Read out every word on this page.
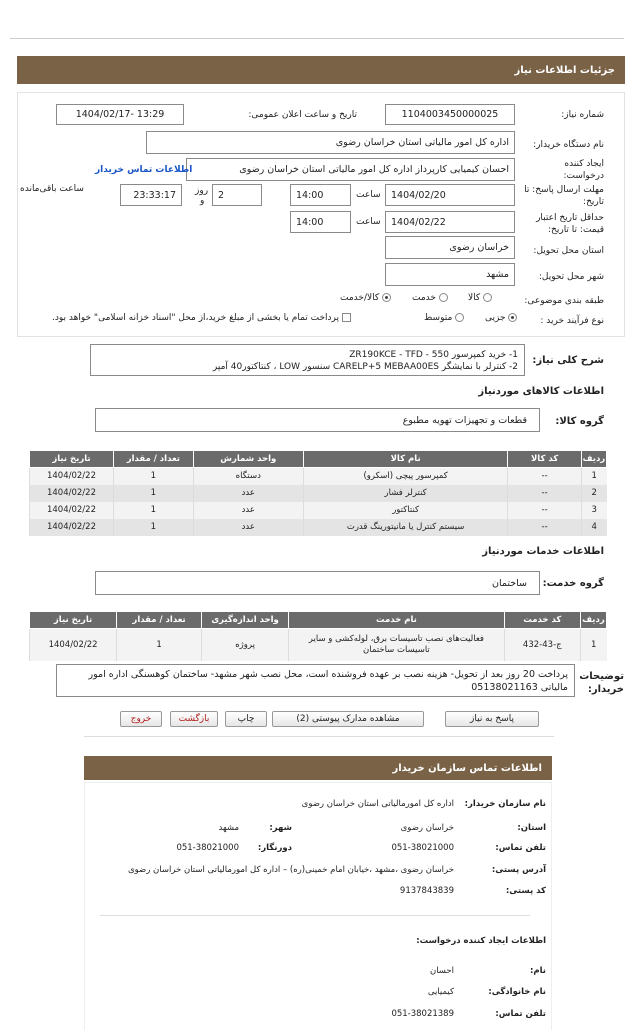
جزئیات اطلاعات نیاز
شماره نیاز:
1104003450000025
تاریخ و ساعت اعلان عمومی:
1404/02/17- 13:29
نام دستگاه خریدار:
اداره کل امور مالیاتی استان خراسان رضوی
ایجاد کننده درخواست:
احسان کیمیایی کارپرداز اداره کل امور مالیاتی استان خراسان رضوی
اطلاعات تماس خریدار
مهلت ارسال پاسخ: تا تاریخ:
1404/02/20
ساعت
14:00
2
روز
و
23:33:17
ساعت باقی‌مانده
حداقل تاریخ اعتبار قیمت: تا تاریخ:
1404/02/22
ساعت
14:00
استان محل تحویل:
خراسان رضوی
شهر محل تحویل:
مشهد
طبقه بندی موضوعی:
کالا
خدمت
کالا/خدمت
نوع فرآیند خرید :
جزیی
متوسط
پرداخت تمام یا بخشی از مبلغ خرید،از محل "اسناد خزانه اسلامی" خواهد بود.
شرح کلی نیاز:
1- خرید کمپرسور ZR190KCE - TFD - 550
2- کنترلر با نمایشگر CARELP+5 MEBAA00ES سنسور LOW ، کنتاکتور40 آمپر
اطلاعات کالاهای موردنیاز
گروه کالا:
قطعات و تجهیزات تهویه مطبوع
ردیف	کد کالا	نام کالا	واحد شمارش	تعداد / مقدار	تاریخ نیاز
1	--	کمپرسور پیچی (اسکرو)	دستگاه	1	1404/02/22
2	--	کنترلر فشار	عدد	1	1404/02/22
3	--	کنتاکتور	عدد	1	1404/02/22
4	--	سیستم کنترل یا مانیتورینگ قدرت	عدد	1	1404/02/22
اطلاعات خدمات موردنیاز
گروه خدمت:
ساختمان
ردیف	کد خدمت	نام خدمت	واحد اندازه‌گیری	تعداد / مقدار	تاریخ نیاز
1	ج-43-432	فعالیت‌های نصب تاسیسات برق، لوله‌کشی و سایر تاسیسات ساختمان	پروژه	1	1404/02/22
توضیحات خریدار:
پرداخت 20 روز بعد از تحویل- هزینه نصب بر عهده فروشنده است، محل نصب شهر مشهد- ساختمان کوهسنگی اداره امور مالیاتی 05138021163
پاسخ به نیاز
مشاهده مدارک پیوستی (2)
چاپ
بازگشت
خروج
اطلاعات تماس سازمان خریدار
نام سازمان خریدار:
اداره کل امورمالیاتی استان خراسان رضوی
استان:
خراسان رضوی
شهر:
مشهد
تلفن تماس:
051-38021000
دورنگار:
051-38021000
آدرس پستی:
خراسان رضوی ،مشهد ،خیابان امام خمینی(ره) – اداره کل امورمالیاتی استان خراسان رضوی
کد پستی:
9137843839
اطلاعات ایجاد کننده درخواست:
نام:
احسان
نام خانوادگی:
کیمیایی
تلفن تماس:
051-38021389
